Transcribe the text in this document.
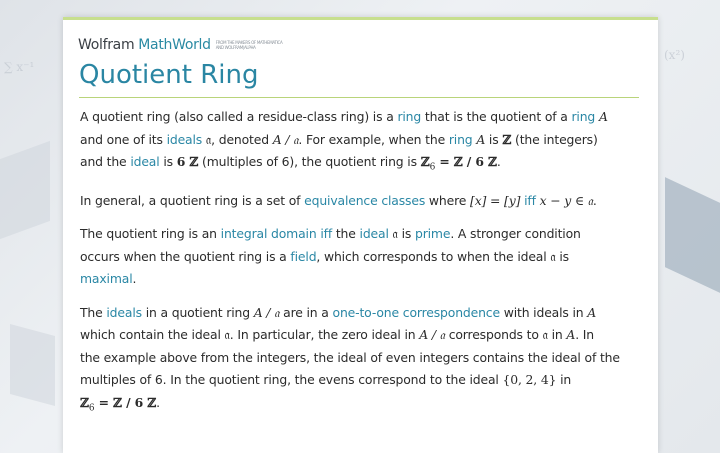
∑ x⁻¹
(x²)
Wolfram MathWorld FROM THE MAKERS OF MATHEMATICA AND WOLFRAM|ALPHA
Quotient Ring

A quotient ring (also called a residue-class ring) is a ring that is the quotient of a ring A
and one of its ideals 𝔞, denoted A / 𝔞. For example, when the ring A is ℤ (the integers)
and the ideal is 6 ℤ (multiples of 6), the quotient ring is ℤ$_6$ = ℤ / 6 ℤ.

In general, a quotient ring is a set of equivalence classes where [x] = [y] iff x − y ∈ 𝔞.

The quotient ring is an integral domain iff the ideal 𝔞 is prime. A stronger condition
occurs when the quotient ring is a field, which corresponds to when the ideal 𝔞 is
maximal.

The ideals in a quotient ring A / 𝔞 are in a one-to-one correspondence with ideals in A
which contain the ideal 𝔞. In particular, the zero ideal in A / 𝔞 corresponds to 𝔞 in A. In
the example above from the integers, the ideal of even integers contains the ideal of the
multiples of 6. In the quotient ring, the evens correspond to the ideal {0, 2, 4} in
ℤ$_6$ = ℤ / 6 ℤ.
